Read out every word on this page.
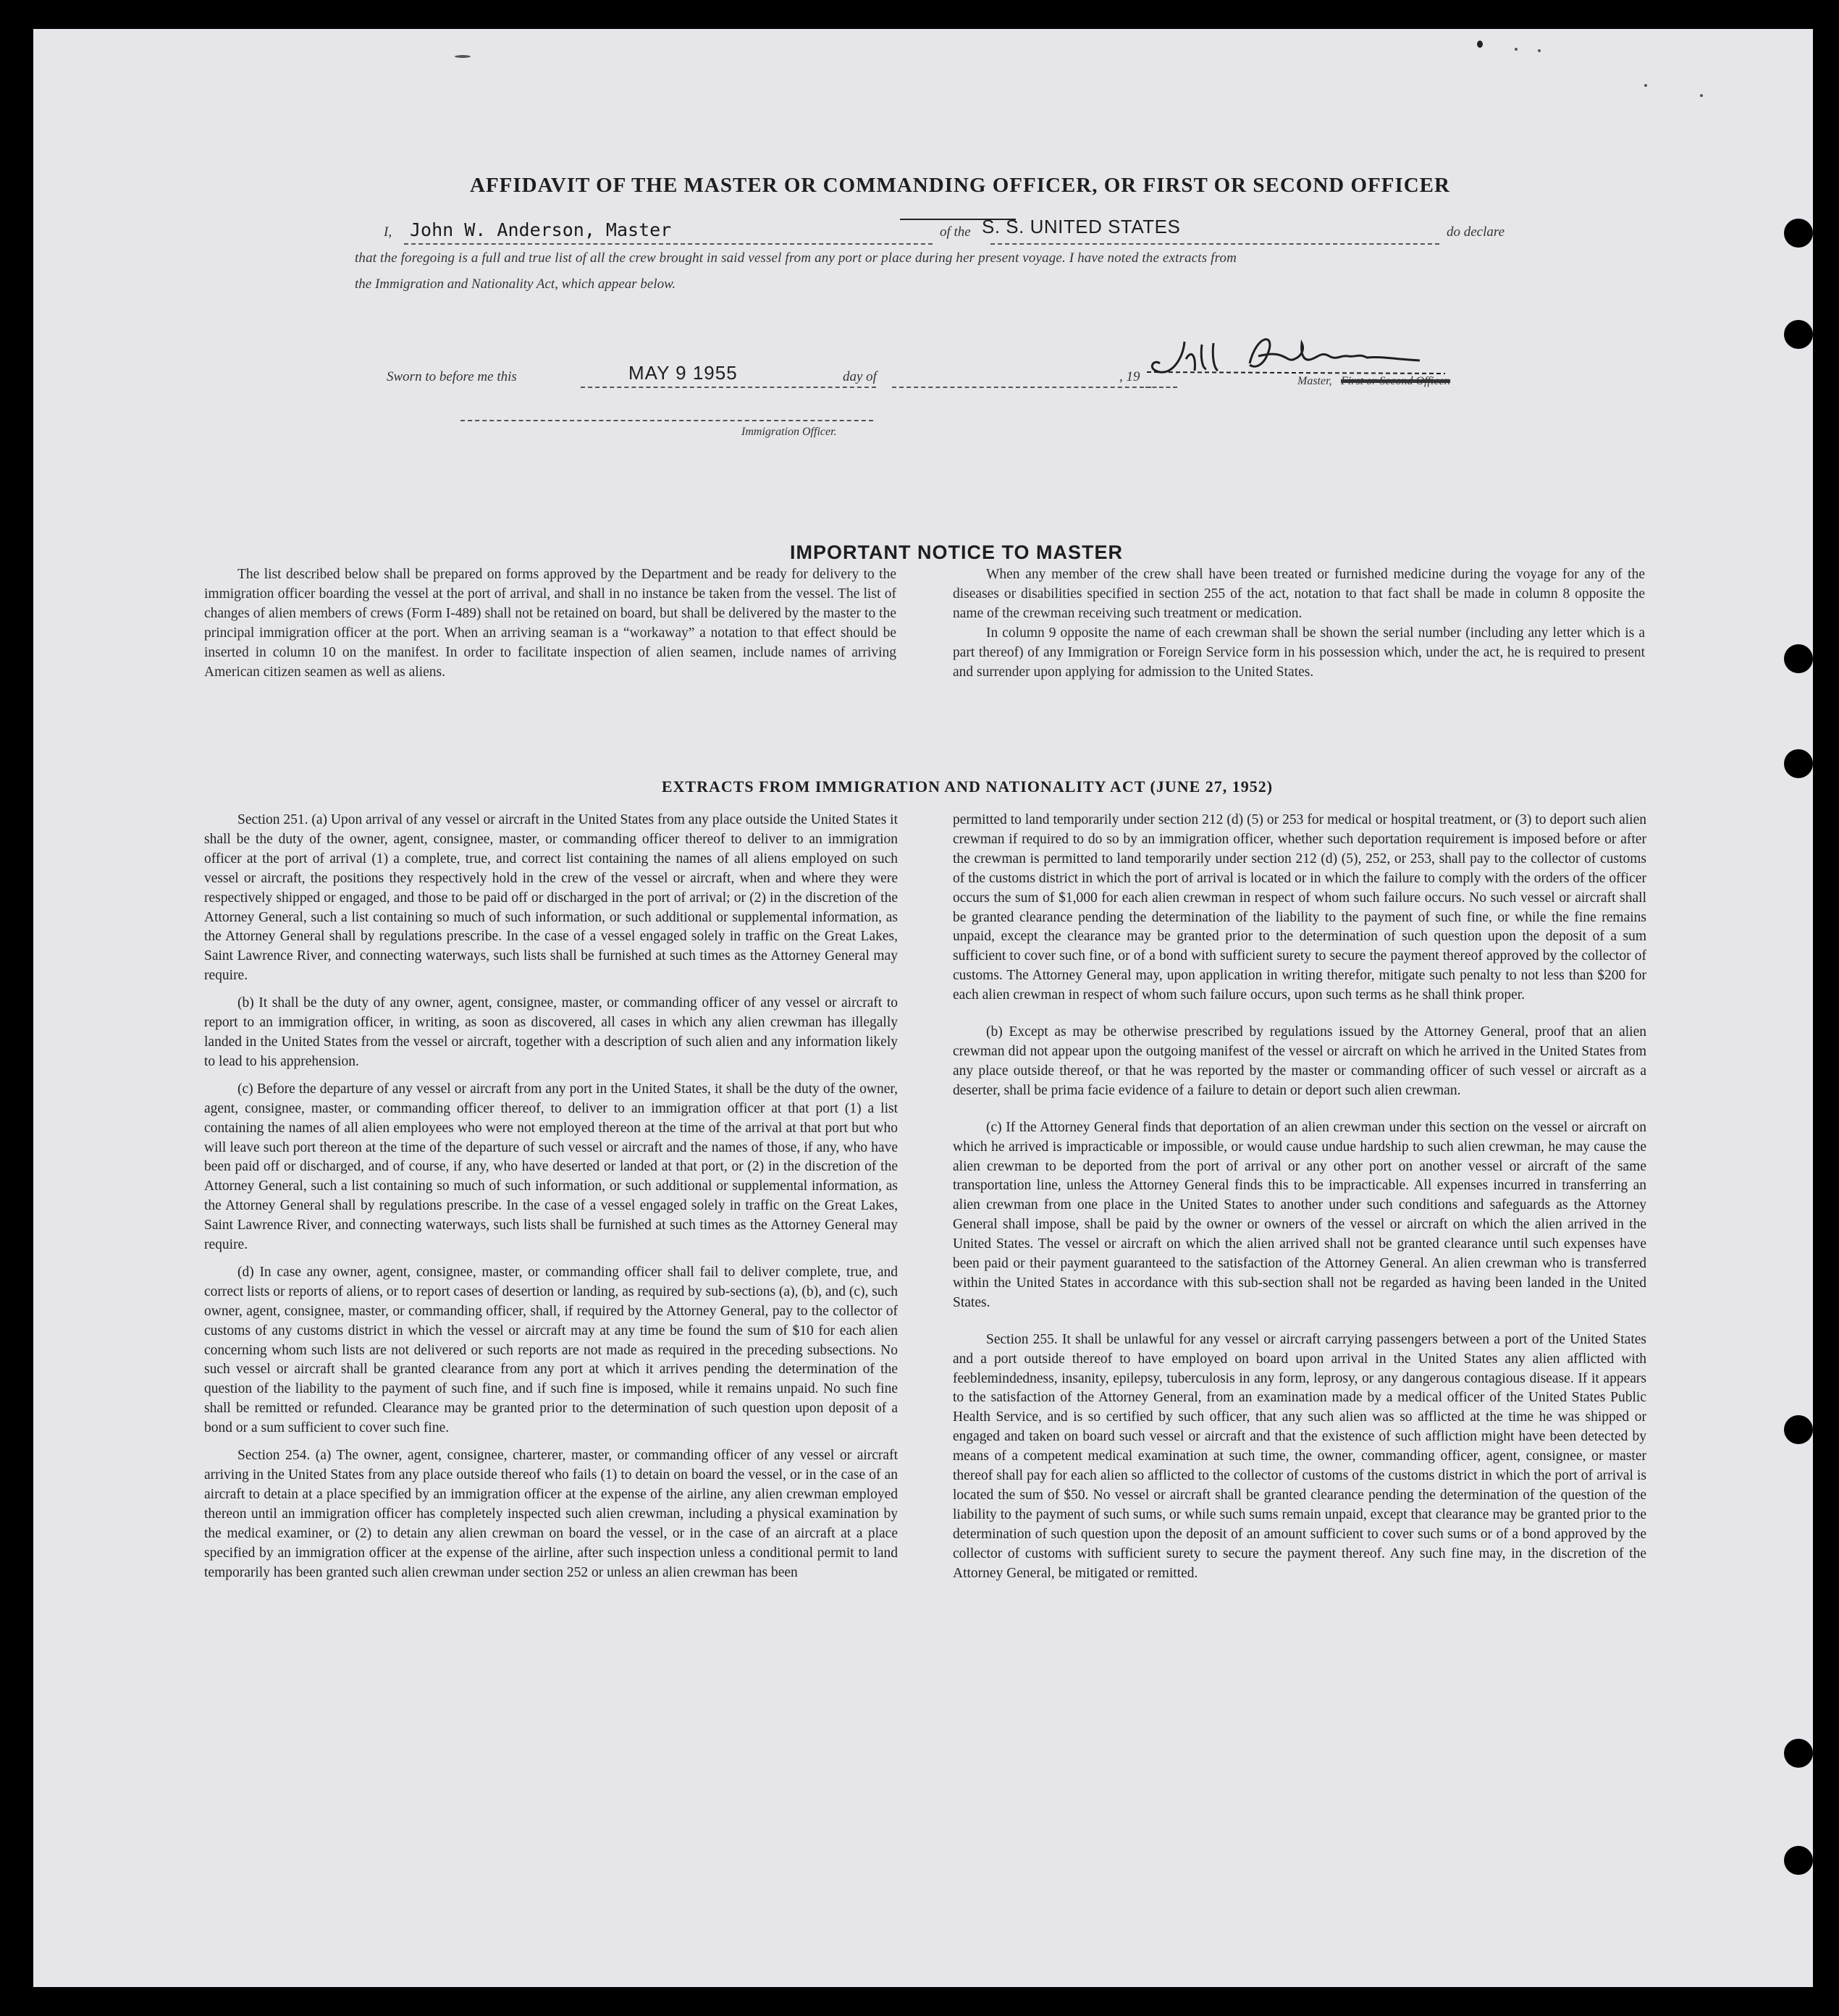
AFFIDAVIT OF THE MASTER OR COMMANDING OFFICER, OR FIRST OR SECOND OFFICER
I, John W. Anderson, Master	of the S. S. UNITED STATES	do declare
that the foregoing is a full and true list of all the crew brought in said vessel from any port or place during her present voyage. I have noted the extracts from
the Immigration and Nationality Act, which appear below.
Master, First or Second Officer.
Sworn to before me this	MAY 9 1955	day of	, 19
Immigration Officer.
IMPORTANT NOTICE TO MASTER

The list described below shall be prepared on forms approved by the Department and be ready for delivery to the immigration officer boarding the vessel at the port of arrival, and shall in no instance be taken from the vessel. The list of changes of alien members of crews (Form I-489) shall not be retained on board, but shall be delivered by the master to the principal immigration officer at the port. When an arriving seaman is a “workaway” a notation to that effect should be inserted in column 10 on the manifest. In order to facilitate inspection of alien seamen, include names of arriving American citizen seamen as well as aliens.

When any member of the crew shall have been treated or furnished medicine during the voyage for any of the diseases or disabilities specified in section 255 of the act, notation to that fact shall be made in column 8 opposite the name of the crewman receiving such treatment or medication.

In column 9 opposite the name of each crewman shall be shown the serial number (including any letter which is a part thereof) of any Immigration or Foreign Service form in his possession which, under the act, he is required to present and surrender upon applying for admission to the United States.

EXTRACTS FROM IMMIGRATION AND NATIONALITY ACT (JUNE 27, 1952)

Section 251. (a) Upon arrival of any vessel or aircraft in the United States from any place outside the United States it shall be the duty of the owner, agent, consignee, master, or commanding officer thereof to deliver to an immigration officer at the port of arrival (1) a complete, true, and correct list containing the names of all aliens employed on such vessel or aircraft, the positions they respectively hold in the crew of the vessel or aircraft, when and where they were respectively shipped or engaged, and those to be paid off or discharged in the port of arrival; or (2) in the discretion of the Attorney General, such a list containing so much of such information, or such additional or supplemental information, as the Attorney General shall by regulations prescribe. In the case of a vessel engaged solely in traffic on the Great Lakes, Saint Lawrence River, and connecting waterways, such lists shall be furnished at such times as the Attorney General may require.

(b) It shall be the duty of any owner, agent, consignee, master, or commanding officer of any vessel or aircraft to report to an immigration officer, in writing, as soon as discovered, all cases in which any alien crewman has illegally landed in the United States from the vessel or aircraft, together with a description of such alien and any information likely to lead to his apprehension.

(c) Before the departure of any vessel or aircraft from any port in the United States, it shall be the duty of the owner, agent, consignee, master, or commanding officer thereof, to deliver to an immigration officer at that port (1) a list containing the names of all alien employees who were not employed thereon at the time of the arrival at that port but who will leave such port thereon at the time of the departure of such vessel or aircraft and the names of those, if any, who have been paid off or discharged, and of course, if any, who have deserted or landed at that port, or (2) in the discretion of the Attorney General, such a list containing so much of such information, or such additional or supplemental information, as the Attorney General shall by regulations prescribe. In the case of a vessel engaged solely in traffic on the Great Lakes, Saint Lawrence River, and connecting waterways, such lists shall be furnished at such times as the Attorney General may require.

(d) In case any owner, agent, consignee, master, or commanding officer shall fail to deliver complete, true, and correct lists or reports of aliens, or to report cases of desertion or landing, as required by sub-sections (a), (b), and (c), such owner, agent, consignee, master, or commanding officer, shall, if required by the Attorney General, pay to the collector of customs of any customs district in which the vessel or aircraft may at any time be found the sum of $10 for each alien concerning whom such lists are not delivered or such reports are not made as required in the preceding subsections. No such vessel or aircraft shall be granted clearance from any port at which it arrives pending the determination of the question of the liability to the payment of such fine, and if such fine is imposed, while it remains unpaid. No such fine shall be remitted or refunded. Clearance may be granted prior to the determination of such question upon deposit of a bond or a sum sufficient to cover such fine.

Section 254. (a) The owner, agent, consignee, charterer, master, or commanding officer of any vessel or aircraft arriving in the United States from any place outside thereof who fails (1) to detain on board the vessel, or in the case of an aircraft to detain at a place specified by an immigration officer at the expense of the airline, any alien crewman employed thereon until an immigration officer has completely inspected such alien crewman, including a physical examination by the medical examiner, or (2) to detain any alien crewman on board the vessel, or in the case of an aircraft at a place specified by an immigration officer at the expense of the airline, after such inspection unless a conditional permit to land temporarily has been granted such alien crewman under section 252 or unless an alien crewman has been

permitted to land temporarily under section 212 (d) (5) or 253 for medical or hospital treatment, or (3) to deport such alien crewman if required to do so by an immigration officer, whether such deportation requirement is imposed before or after the crewman is permitted to land temporarily under section 212 (d) (5), 252, or 253, shall pay to the collector of customs of the customs district in which the port of arrival is located or in which the failure to comply with the orders of the officer occurs the sum of $1,000 for each alien crewman in respect of whom such failure occurs. No such vessel or aircraft shall be granted clearance pending the determination of the liability to the payment of such fine, or while the fine remains unpaid, except the clearance may be granted prior to the determination of such question upon the deposit of a sum sufficient to cover such fine, or of a bond with sufficient surety to secure the payment thereof approved by the collector of customs. The Attorney General may, upon application in writing therefor, mitigate such penalty to not less than $200 for each alien crewman in respect of whom such failure occurs, upon such terms as he shall think proper.

(b) Except as may be otherwise prescribed by regulations issued by the Attorney General, proof that an alien crewman did not appear upon the outgoing manifest of the vessel or aircraft on which he arrived in the United States from any place outside thereof, or that he was reported by the master or commanding officer of such vessel or aircraft as a deserter, shall be prima facie evidence of a failure to detain or deport such alien crewman.

(c) If the Attorney General finds that deportation of an alien crewman under this section on the vessel or aircraft on which he arrived is impracticable or impossible, or would cause undue hardship to such alien crewman, he may cause the alien crewman to be deported from the port of arrival or any other port on another vessel or aircraft of the same transportation line, unless the Attorney General finds this to be impracticable. All expenses incurred in transferring an alien crewman from one place in the United States to another under such conditions and safeguards as the Attorney General shall impose, shall be paid by the owner or owners of the vessel or aircraft on which the alien arrived in the United States. The vessel or aircraft on which the alien arrived shall not be granted clearance until such expenses have been paid or their payment guaranteed to the satisfaction of the Attorney General. An alien crewman who is transferred within the United States in accordance with this sub-section shall not be regarded as having been landed in the United States.

Section 255. It shall be unlawful for any vessel or aircraft carrying passengers between a port of the United States and a port outside thereof to have employed on board upon arrival in the United States any alien afflicted with feeblemindedness, insanity, epilepsy, tuberculosis in any form, leprosy, or any dangerous contagious disease. If it appears to the satisfaction of the Attorney General, from an examination made by a medical officer of the United States Public Health Service, and is so certified by such officer, that any such alien was so afflicted at the time he was shipped or engaged and taken on board such vessel or aircraft and that the existence of such affliction might have been detected by means of a competent medical examination at such time, the owner, commanding officer, agent, consignee, or master thereof shall pay for each alien so afflicted to the collector of customs of the customs district in which the port of arrival is located the sum of $50. No vessel or aircraft shall be granted clearance pending the determination of the question of the liability to the payment of such sums, or while such sums remain unpaid, except that clearance may be granted prior to the determination of such question upon the deposit of an amount sufficient to cover such sums or of a bond approved by the collector of customs with sufficient surety to secure the payment thereof. Any such fine may, in the discretion of the Attorney General, be mitigated or remitted.
